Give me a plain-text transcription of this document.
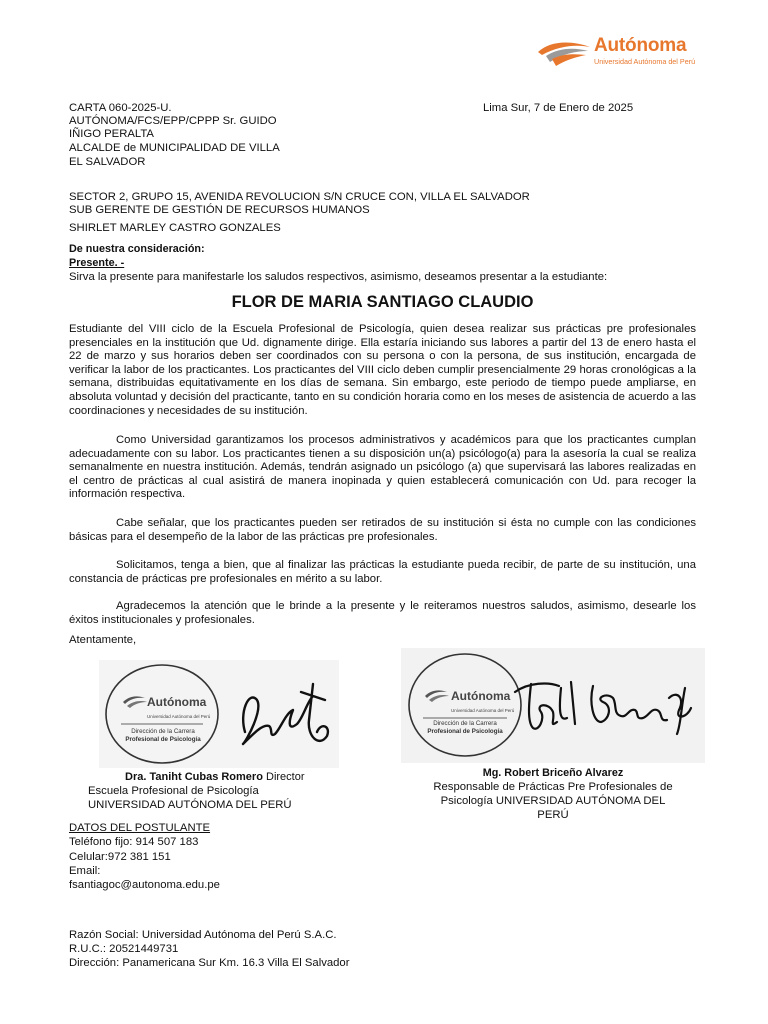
Autónoma
Universidad Autónoma del Perú
CARTA 060-2025-U.
AUTÓNOMA/FCS/EPP/CPPP Sr. GUIDO
IÑIGO PERALTA
Lima Sur, 7 de Enero de 2025
ALCALDE de MUNICIPALIDAD DE VILLA
EL SALVADOR
SECTOR 2, GRUPO 15, AVENIDA REVOLUCION S/N CRUCE CON, VILLA EL SALVADOR
SUB GERENTE DE GESTIÓN DE RECURSOS HUMANOS
SHIRLET MARLEY CASTRO GONZALES
De nuestra consideración:
Presente. -
Sirva la presente para manifestarle los saludos respectivos, asimismo, deseamos presentar a la estudiante:
FLOR DE MARIA SANTIAGO CLAUDIO
Estudiante del VIII ciclo de la Escuela Profesional de Psicología, quien desea realizar sus prácticas pre profesionales presenciales en la institución que Ud. dignamente dirige. Ella estaría iniciando sus labores a partir del 13 de enero hasta el 22 de marzo y sus horarios deben ser coordinados con su persona o con la persona, de sus institución, encargada de verificar la labor de los practicantes. Los practicantes del VIII ciclo deben cumplir presencialmente 29 horas cronológicas a la semana, distribuidas equitativamente en los días de semana. Sin embargo, este periodo de tiempo puede ampliarse, en absoluta voluntad y decisión del practicante, tanto en su condición horaria como en los meses de asistencia de acuerdo a las coordinaciones y necesidades de su institución.
Como Universidad garantizamos los procesos administrativos y académicos para que los practicantes cumplan adecuadamente con su labor. Los practicantes tienen a su disposición un(a) psicólogo(a) para la asesoría la cual se realiza semanalmente en nuestra institución. Además, tendrán asignado un psicólogo (a) que supervisará las labores realizadas en el centro de prácticas al cual asistirá de manera inopinada y quien establecerá comunicación con Ud. para recoger la información respectiva.
Cabe señalar, que los practicantes pueden ser retirados de su institución si ésta no cumple con las condiciones básicas para el desempeño de la labor de las prácticas pre profesionales.
Solicitamos, tenga a bien, que al finalizar las prácticas la estudiante pueda recibir, de parte de su institución, una constancia de prácticas pre profesionales en mérito a su labor.
Agradecemos la atención que le brinde a la presente y le reiteramos nuestros saludos, asimismo, desearle los éxitos institucionales y profesionales.
Atentamente,
Autónoma
Universidad Autónoma del Perú
Dirección de la Carrera
Profesional de Psicología
Autónoma
Universidad Autónoma del Perú
Dirección de la Carrera
Profesional de Psicología
Dra. Taniht Cubas Romero Director
Escuela Profesional de Psicología
UNIVERSIDAD AUTÓNOMA DEL PERÚ
Mg. Robert Briceño Alvarez
Responsable de Prácticas Pre Profesionales de
Psicología UNIVERSIDAD AUTÓNOMA DEL
PERÚ
DATOS DEL POSTULANTE
Teléfono fijo: 914 507 183
Celular:972 381 151
Email:
fsantiagoc@autonoma.edu.pe
Razón Social: Universidad Autónoma del Perú S.A.C.
R.U.C.: 20521449731
Dirección: Panamericana Sur Km. 16.3 Villa El Salvador
